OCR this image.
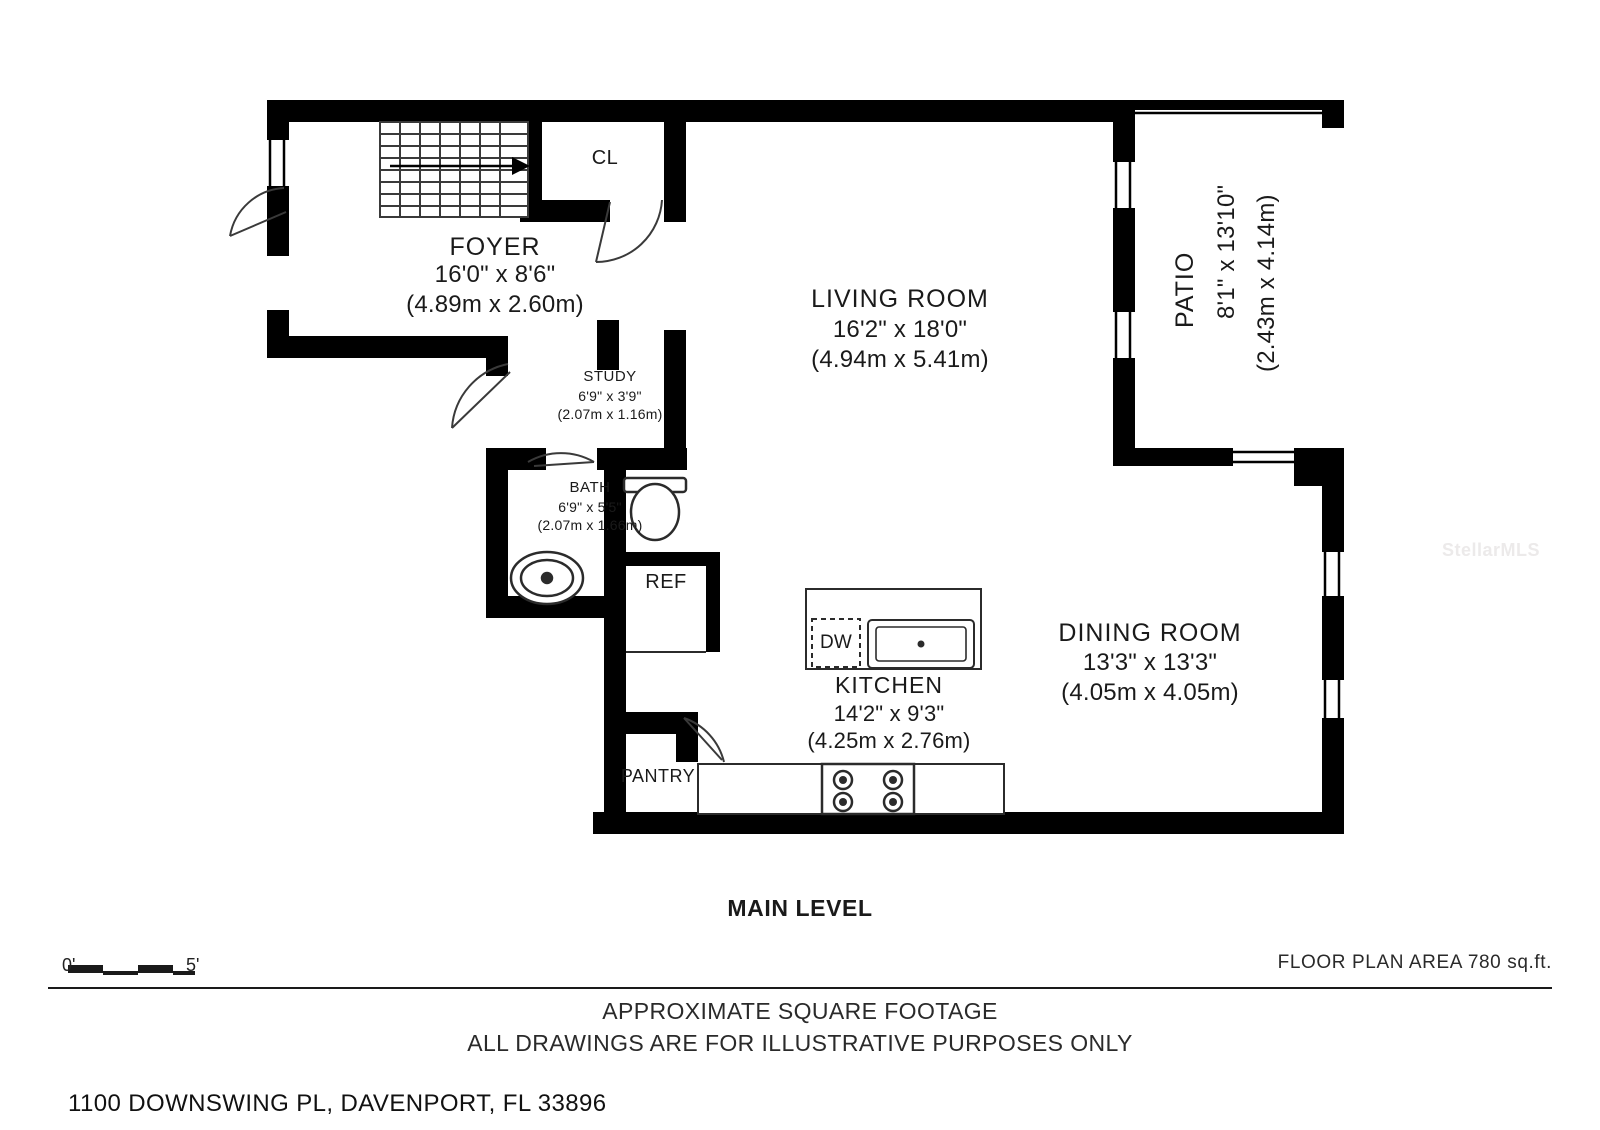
CL
FOYER
16'0" x 8'6"
(4.89m x 2.60m)	LIVING ROOM
16'2" x 18'0"
(4.94m x 5.41m)
PATIO 8'1" x 13'10" (2.43m x 4.14m)
STUDY
6'9" x 3'9"
(2.07m x 1.16m)
BATH
6'9" x 5'5"
(2.07m x 1.66m)
REF
DW
KITCHEN
14'2" x 9'3"
(4.25m x 2.76m)
PANTRY
DINING ROOM
13'3" x 13'3"
(4.05m x 4.05m)
StellarMLS
MAIN LEVEL
0'	5'	FLOOR PLAN AREA 780 sq.ft.
APPROXIMATE SQUARE FOOTAGE
ALL DRAWINGS ARE FOR ILLUSTRATIVE PURPOSES ONLY
1100 DOWNSWING PL, DAVENPORT, FL 33896
